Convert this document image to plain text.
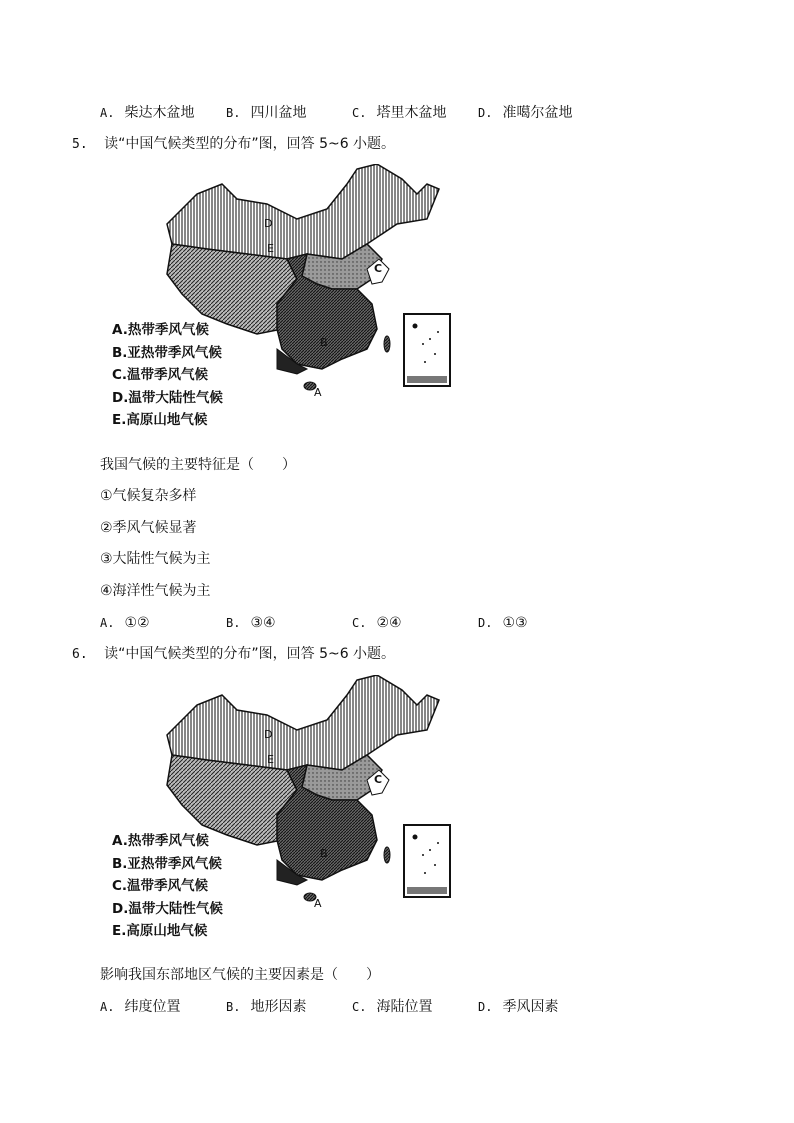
A. 柴达木盆地	B. 四川盆地	C. 塔里木盆地	D. 准噶尔盆地
5. 读“中国气候类型的分布”图，回答 5~6 小题。
E
C
B
A
D
A.热带季风气候
B.亚热带季风气候
C.温带季风气候
D.温带大陆性气候
E.高原山地气候
我国气候的主要特征是（　　）
①气候复杂多样
②季风气候显著
③大陆性气候为主
④海洋性气候为主
A. ①②	B. ③④	C. ②④	D. ①③
6. 读“中国气候类型的分布”图，回答 5~6 小题。
E
C
B
A
D
A.热带季风气候
B.亚热带季风气候
C.温带季风气候
D.温带大陆性气候
E.高原山地气候
影响我国东部地区气候的主要因素是（　　）
A. 纬度位置	B. 地形因素	C. 海陆位置	D. 季风因素
